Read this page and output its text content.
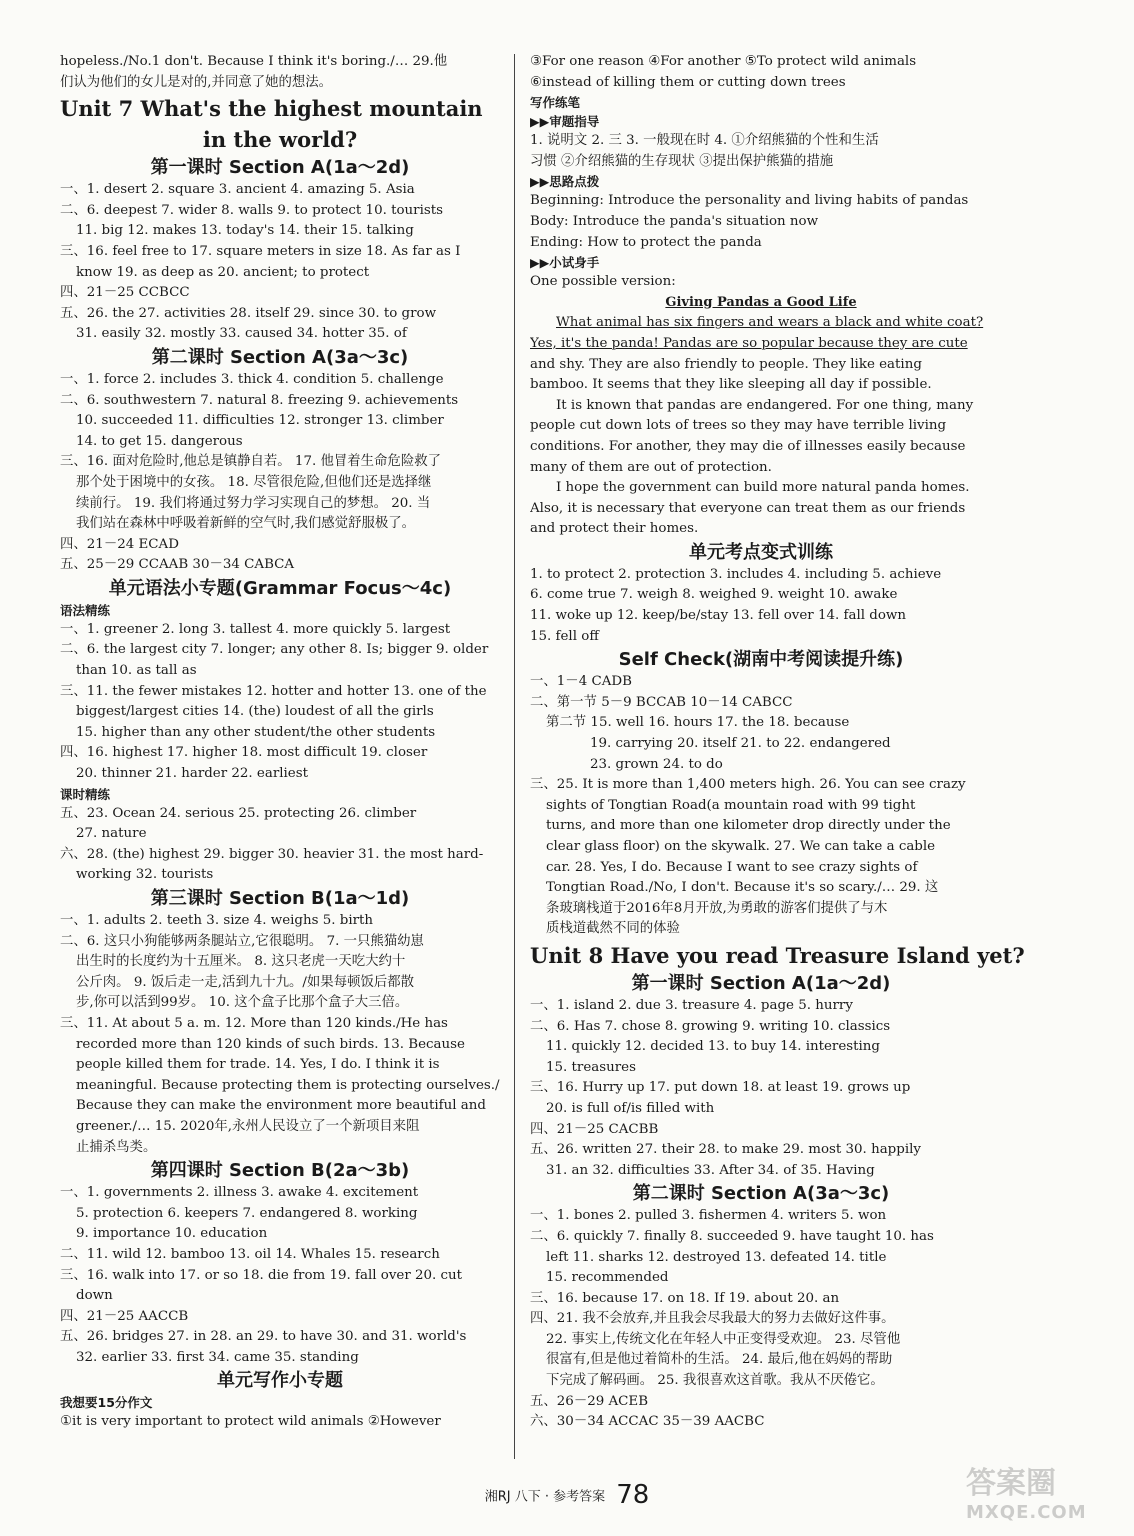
hopeless./No.1 don't. Because I think it's boring./… 29.他
们认为他们的女儿是对的,并同意了她的想法。
Unit 7 What's the highest mountain
in the world?
第一课时 Section A(1a～2d)
一、1. desert 2. square 3. ancient 4. amazing 5. Asia
二、6. deepest 7. wider 8. walls 9. to protect 10. tourists
11. big 12. makes 13. today's 14. their 15. talking
三、16. feel free to 17. square meters in size 18. As far as I
know 19. as deep as 20. ancient; to protect
四、21－25 CCBCC
五、26. the 27. activities 28. itself 29. since 30. to grow
31. easily 32. mostly 33. caused 34. hotter 35. of
第二课时 Section A(3a～3c)
一、1. force 2. includes 3. thick 4. condition 5. challenge
二、6. southwestern 7. natural 8. freezing 9. achievements
10. succeeded 11. difficulties 12. stronger 13. climber
14. to get 15. dangerous
三、16. 面对危险时,他总是镇静自若。 17. 他冒着生命危险救了
那个处于困境中的女孩。 18. 尽管很危险,但他们还是选择继
续前行。 19. 我们将通过努力学习实现自己的梦想。 20. 当
我们站在森林中呼吸着新鲜的空气时,我们感觉舒服极了。
四、21－24 ECAD
五、25－29 CCAAB 30－34 CABCA
单元语法小专题(Grammar Focus～4c)
语法精练
一、1. greener 2. long 3. tallest 4. more quickly 5. largest
二、6. the largest city 7. longer; any other 8. Is; bigger 9. older
than 10. as tall as
三、11. the fewer mistakes 12. hotter and hotter 13. one of the
biggest/largest cities 14. (the) loudest of all the girls
15. higher than any other student/the other students
四、16. highest 17. higher 18. most difficult 19. closer
20. thinner 21. harder 22. earliest
课时精练
五、23. Ocean 24. serious 25. protecting 26. climber
27. nature
六、28. (the) highest 29. bigger 30. heavier 31. the most hard-
working 32. tourists
第三课时 Section B(1a～1d)
一、1. adults 2. teeth 3. size 4. weighs 5. birth
二、6. 这只小狗能够两条腿站立,它很聪明。 7. 一只熊猫幼崽
出生时的长度约为十五厘米。 8. 这只老虎一天吃大约十
公斤肉。 9. 饭后走一走,活到九十九。/如果每顿饭后都散
步,你可以活到99岁。 10. 这个盒子比那个盒子大三倍。
三、11. At about 5 a. m. 12. More than 120 kinds./He has
recorded more than 120 kinds of such birds. 13. Because
people killed them for trade. 14. Yes, I do. I think it is
meaningful. Because protecting them is protecting ourselves./
Because they can make the environment more beautiful and
greener./… 15. 2020年,永州人民设立了一个新项目来阻
止捕杀鸟类。
第四课时 Section B(2a～3b)
一、1. governments 2. illness 3. awake 4. excitement
5. protection 6. keepers 7. endangered 8. working
9. importance 10. education
二、11. wild 12. bamboo 13. oil 14. Whales 15. research
三、16. walk into 17. or so 18. die from 19. fall over 20. cut
down
四、21－25 AACCB
五、26. bridges 27. in 28. an 29. to have 30. and 31. world's
32. earlier 33. first 34. came 35. standing
单元写作小专题
我想要15分作文
①it is very important to protect wild animals ②However
③For one reason ④For another ⑤To protect wild animals
⑥instead of killing them or cutting down trees
写作练笔
▶▶审题指导
1. 说明文 2. 三 3. 一般现在时 4. ①介绍熊猫的个性和生活
习惯 ②介绍熊猫的生存现状 ③提出保护熊猫的措施
▶▶思路点拨
Beginning: Introduce the personality and living habits of pandas
Body: Introduce the panda's situation now
Ending: How to protect the panda
▶▶小试身手
One possible version:
Giving Pandas a Good Life
What animal has six fingers and wears a black and white coat?
Yes, it's the panda! Pandas are so popular because they are cute
and shy. They are also friendly to people. They like eating
bamboo. It seems that they like sleeping all day if possible.
It is known that pandas are endangered. For one thing, many
people cut down lots of trees so they may have terrible living
conditions. For another, they may die of illnesses easily because
many of them are out of protection.
I hope the government can build more natural panda homes.
Also, it is necessary that everyone can treat them as our friends
and protect their homes.
单元考点变式训练
1. to protect 2. protection 3. includes 4. including 5. achieve
6. come true 7. weigh 8. weighed 9. weight 10. awake
11. woke up 12. keep/be/stay 13. fell over 14. fall down
15. fell off
Self Check(湖南中考阅读提升练)
一、1－4 CADB
二、第一节 5－9 BCCAB 10－14 CABCC
第二节 15. well 16. hours 17. the 18. because
19. carrying 20. itself 21. to 22. endangered
23. grown 24. to do
三、25. It is more than 1,400 meters high. 26. You can see crazy
sights of Tongtian Road(a mountain road with 99 tight
turns, and more than one kilometer drop directly under the
clear glass floor) on the skywalk. 27. We can take a cable
car. 28. Yes, I do. Because I want to see crazy sights of
Tongtian Road./No, I don't. Because it's so scary./… 29. 这
条玻璃栈道于2016年8月开放,为勇敢的游客们提供了与木
质栈道截然不同的体验
Unit 8 Have you read Treasure Island yet?
第一课时 Section A(1a～2d)
一、1. island 2. due 3. treasure 4. page 5. hurry
二、6. Has 7. chose 8. growing 9. writing 10. classics
11. quickly 12. decided 13. to buy 14. interesting
15. treasures
三、16. Hurry up 17. put down 18. at least 19. grows up
20. is full of/is filled with
四、21－25 CACBB
五、26. written 27. their 28. to make 29. most 30. happily
31. an 32. difficulties 33. After 34. of 35. Having
第二课时 Section A(3a～3c)
一、1. bones 2. pulled 3. fishermen 4. writers 5. won
二、6. quickly 7. finally 8. succeeded 9. have taught 10. has
left 11. sharks 12. destroyed 13. defeated 14. title
15. recommended
三、16. because 17. on 18. If 19. about 20. an
四、21. 我不会放弃,并且我会尽我最大的努力去做好这件事。
22. 事实上,传统文化在年轻人中正变得受欢迎。 23. 尽管他
很富有,但是他过着简朴的生活。 24. 最后,他在妈妈的帮助
下完成了解码画。 25. 我很喜欢这首歌。我从不厌倦它。
五、26－29 ACEB
六、30－34 ACCAC 35－39 AACBC
湘RJ 八下 · 参考答案 78	答案圈
MXQE.COM
